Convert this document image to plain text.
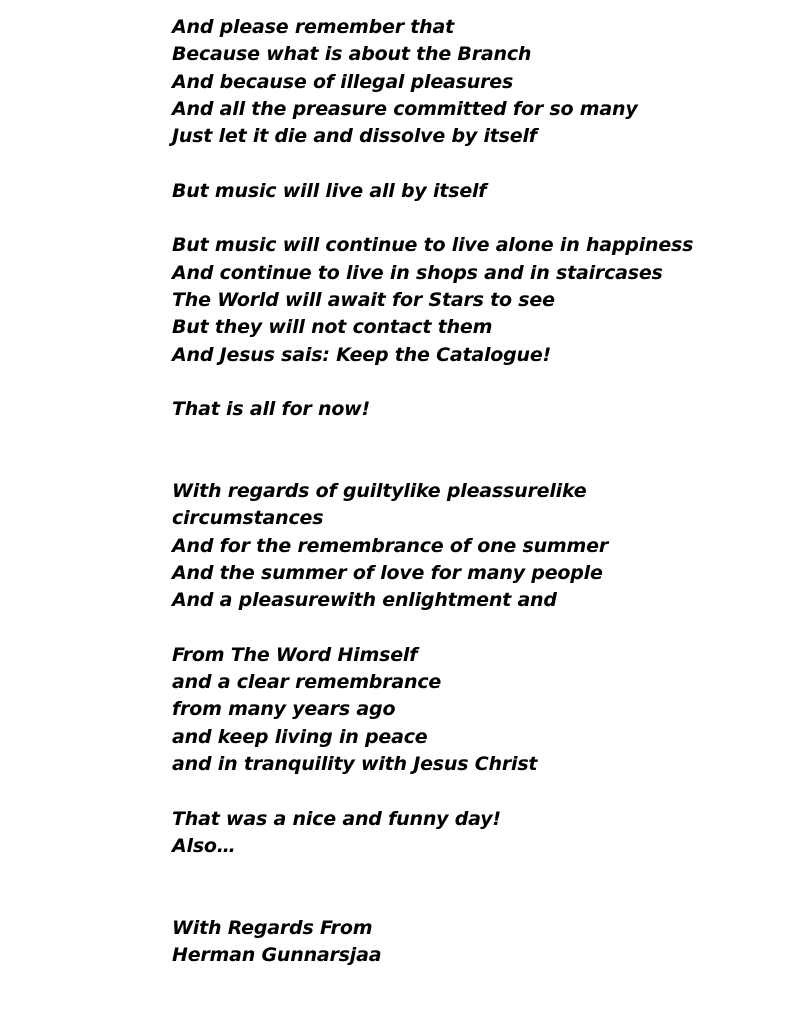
And please remember that
Because what is about the Branch
And because of illegal pleasures
And all the preasure committed for so many
Just let it die and dissolve by itself
But music will live all by itself
But music will continue to live alone in happiness
And continue to live in shops and in staircases
The World will await for Stars to see
But they will not contact them
And Jesus sais: Keep the Catalogue!
That is all for now!
With regards of guiltylike pleassurelike
circumstances
And for the remembrance of one summer
And the summer of love for many people
And a pleasurewith enlightment and
From The Word Himself
and a clear remembrance
from many years ago
and keep living in peace
and in tranquility with Jesus Christ
That was a nice and funny day!
Also…
With Regards From
Herman Gunnarsjaa
